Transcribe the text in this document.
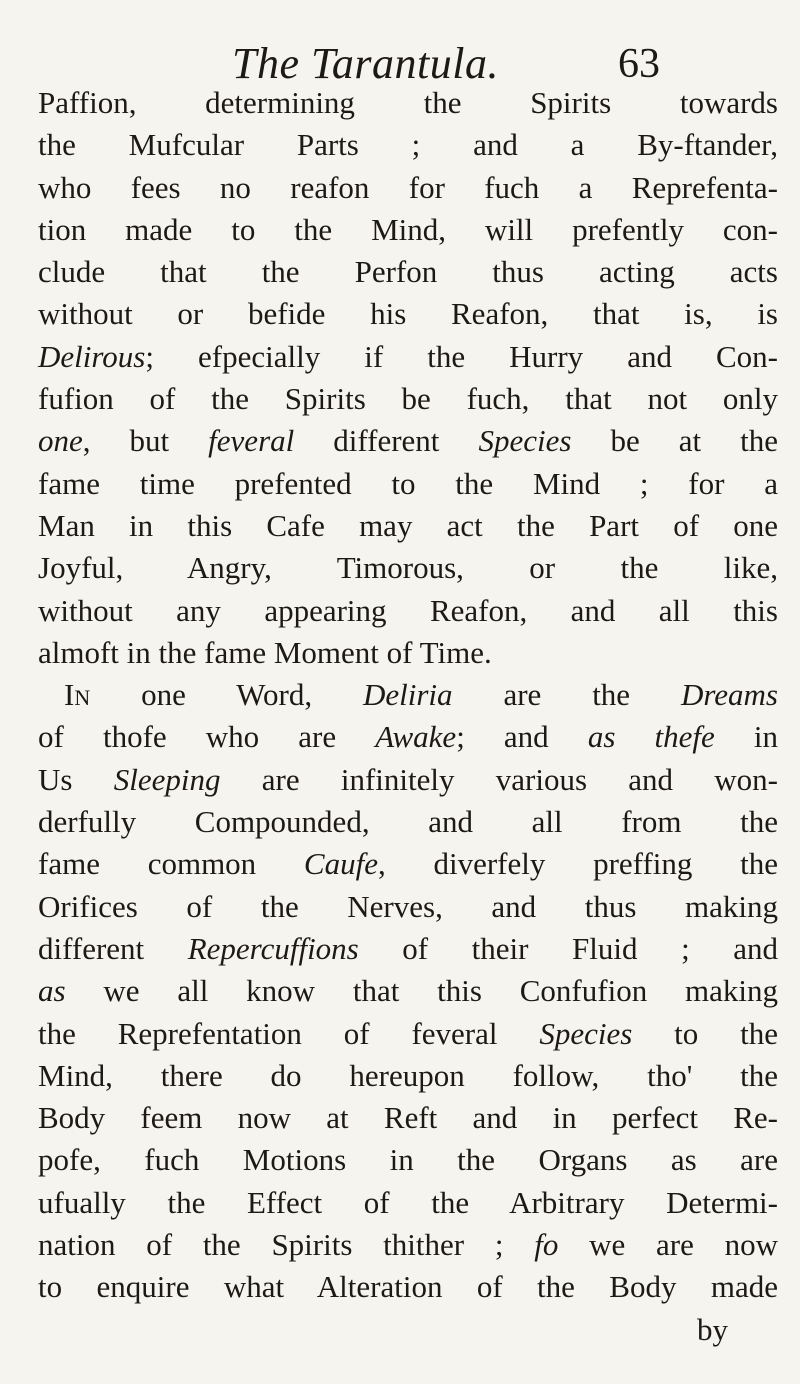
The Tarantula.	63
Paffion, determining the Spirits towards
the Mufcular Parts ; and a By-ftander,
who fees no reafon for fuch a Reprefenta-
tion made to the Mind, will prefently con-
clude that the Perfon thus acting acts
without or befide his Reafon, that is, is
Delirous; efpecially if the Hurry and Con-
fufion of the Spirits be fuch, that not only
one, but feveral different Species be at the
fame time prefented to the Mind ; for a
Man in this Cafe may act the Part of one
Joyful, Angry, Timorous, or the like,
without any appearing Reafon, and all this
almoft in the fame Moment of Time.
In one Word, Deliria are the Dreams
of thofe who are Awake; and as thefe in
Us Sleeping are infinitely various and won-
derfully Compounded, and all from the
fame common Caufe, diverfely preffing the
Orifices of the Nerves, and thus making
different Repercuffions of their Fluid ; and
as we all know that this Confufion making
the Reprefentation of feveral Species to the
Mind, there do hereupon follow, tho' the
Body feem now at Reft and in perfect Re-
pofe, fuch Motions in the Organs as are
ufually the Effect of the Arbitrary Determi-
nation of the Spirits thither ; fo we are now
to enquire what Alteration of the Body made
by
